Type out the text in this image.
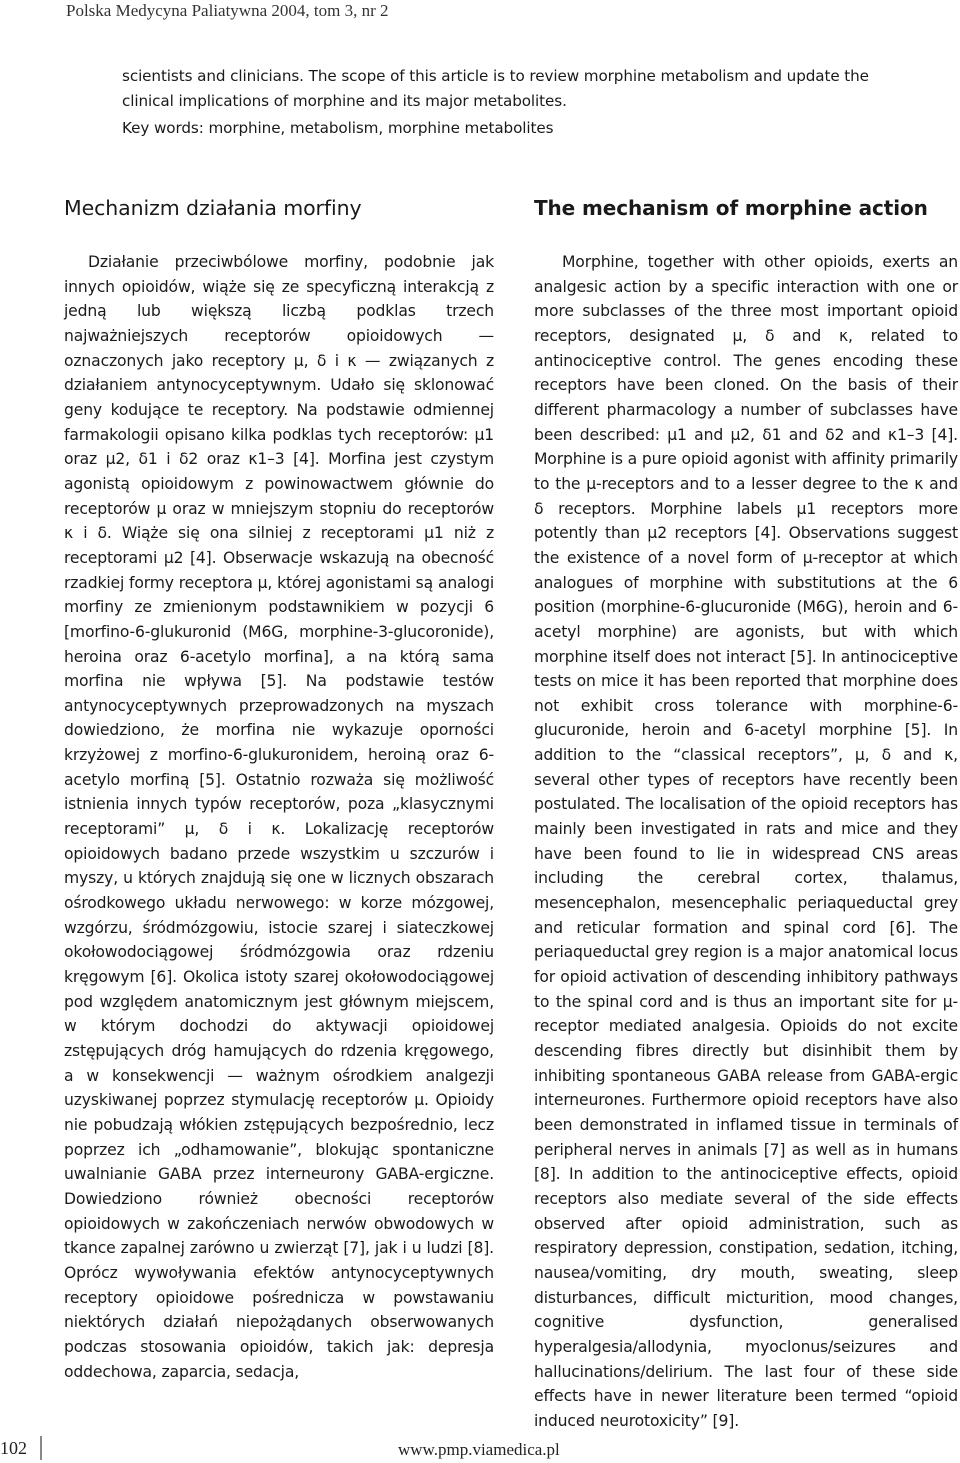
Polska Medycyna Paliatywna 2004, tom 3, nr 2

scientists and clinicians. The scope of this article is to review morphine metabolism and update the clinical implications of morphine and its major metabolites.

Key words: morphine, metabolism, morphine metabolites

Mechanizm działania morfiny

Działanie przeciwbólowe morfiny, podobnie jak innych opioidów, wiąże się ze specyficzną interakcją z jedną lub większą liczbą podklas trzech najważniejszych receptorów opioidowych — oznaczonych jako receptory μ, δ i κ — związanych z działaniem antynocyceptywnym. Udało się sklonować geny kodujące te receptory. Na podstawie odmiennej farmakologii opisano kilka podklas tych receptorów: μ1 oraz μ2, δ1 i δ2 oraz κ1–3 [4]. Morfina jest czystym agonistą opioidowym z powinowactwem głównie do receptorów μ oraz w mniejszym stopniu do receptorów κ i δ. Wiąże się ona silniej z receptorami μ1 niż z receptorami μ2 [4]. Obserwacje wskazują na obecność rzadkiej formy receptora μ, której agonistami są analogi morfiny ze zmienionym podstawnikiem w pozycji 6 [morfino-6-glukuronid (M6G, morphine-3-glucoronide), heroina oraz 6-acetylo morfina], a na którą sama morfina nie wpływa [5]. Na podstawie testów antynocyceptywnych przeprowadzonych na myszach dowiedziono, że morfina nie wykazuje oporności krzyżowej z morfino-6-glukuronidem, heroiną oraz 6-acetylo morfiną [5]. Ostatnio rozważa się możliwość istnienia innych typów receptorów, poza „klasycznymi receptorami” μ, δ i κ. Lokalizację receptorów opioidowych badano przede wszystkim u szczurów i myszy, u których znajdują się one w licznych obszarach ośrodkowego układu nerwowego: w korze mózgowej, wzgórzu, śródmózgowiu, istocie szarej i siateczkowej okołowodociągowej śródmózgowia oraz rdzeniu kręgowym [6]. Okolica istoty szarej okołowodociągowej pod względem anatomicznym jest głównym miejscem, w którym dochodzi do aktywacji opioidowej zstępujących dróg hamujących do rdzenia kręgowego, a w konsekwencji — ważnym ośrodkiem analgezji uzyskiwanej poprzez stymulację receptorów μ. Opioidy nie pobudzają włókien zstępujących bezpośrednio, lecz poprzez ich „odhamowanie”, blokując spontaniczne uwalnianie GABA przez interneurony GABA-ergiczne. Dowiedziono również obecności receptorów opioidowych w zakończeniach nerwów obwodowych w tkance zapalnej zarówno u zwierząt [7], jak i u ludzi [8]. Oprócz wywoływania efektów antynocyceptywnych receptory opioidowe pośrednicza w powstawaniu niektórych działań niepożądanych obserwowanych podczas stosowania opioidów, takich jak: depresja oddechowa, zaparcia, sedacja,

The mechanism of morphine action

Morphine, together with other opioids, exerts an analgesic action by a specific interaction with one or more subclasses of the three most important opioid receptors, designated μ, δ and κ, related to antinociceptive control. The genes encoding these receptors have been cloned. On the basis of their different pharmacology a number of subclasses have been described: μ1 and μ2, δ1 and δ2 and κ1–3 [4]. Morphine is a pure opioid agonist with affinity primarily to the μ-receptors and to a lesser degree to the κ and δ receptors. Morphine labels μ1 receptors more potently than μ2 receptors [4]. Observations suggest the existence of a novel form of μ-receptor at which analogues of morphine with substitutions at the 6 position (morphine-6-glucuronide (M6G), heroin and 6-acetyl morphine) are agonists, but with which morphine itself does not interact [5]. In antinociceptive tests on mice it has been reported that morphine does not exhibit cross tolerance with morphine-6-glucuronide, heroin and 6-acetyl morphine [5]. In addition to the “classical receptors”, μ, δ and κ, several other types of receptors have recently been postulated. The localisation of the opioid receptors has mainly been investigated in rats and mice and they have been found to lie in widespread CNS areas including the cerebral cortex, thalamus, mesencephalon, mesencephalic periaqueductal grey and reticular formation and spinal cord [6]. The periaqueductal grey region is a major anatomical locus for opioid activation of descending inhibitory pathways to the spinal cord and is thus an important site for μ-receptor mediated analgesia. Opioids do not excite descending fibres directly but disinhibit them by inhibiting spontaneous GABA release from GABA-ergic interneurones. Furthermore opioid receptors have also been demonstrated in inflamed tissue in terminals of peripheral nerves in animals [7] as well as in humans [8]. In addition to the antinociceptive effects, opioid receptors also mediate several of the side effects observed after opioid administration, such as respiratory depression, constipation, sedation, itching, nausea/vomiting, dry mouth, sweating, sleep disturbances, difficult micturition, mood changes, cognitive dysfunction, generalised hyperalgesia/allodynia, myoclonus/seizures and hallucinations/delirium. The last four of these side effects have in newer literature been termed “opioid induced neurotoxicity” [9].

102	www.pmp.viamedica.pl
